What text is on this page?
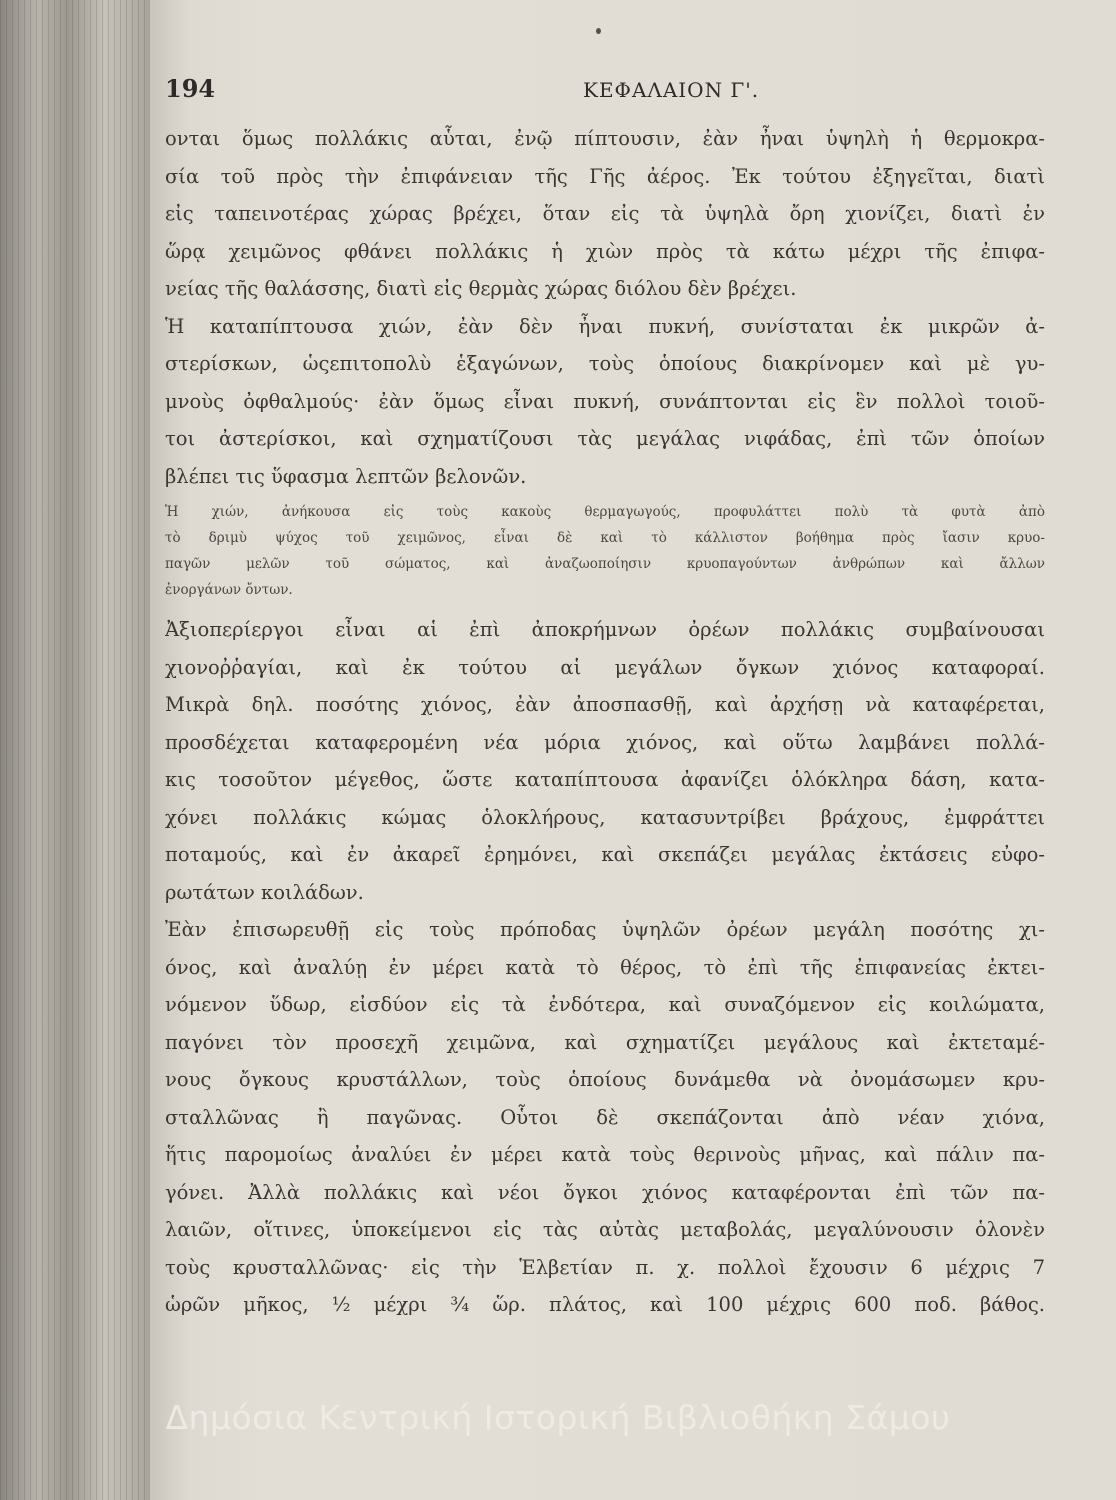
194	ΚΕΦΑΛΑΙΟΝ Γ'.
ονται ὅμως πολλάκις αὗται, ἐνῷ πίπτουσιν, ἐὰν ἦναι ὑψηλὴ ἡ θερμοκρα-
σία τοῦ πρὸς τὴν ἐπιφάνειαν τῆς Γῆς ἀέρος. Ἐκ τούτου ἐξηγεῖται, διατὶ
εἰς ταπεινοτέρας χώρας βρέχει, ὅταν εἰς τὰ ὑψηλὰ ὄρη χιονίζει, διατὶ ἐν
ὥρᾳ χειμῶνος φθάνει πολλάκις ἡ χιὼν πρὸς τὰ κάτω μέχρι τῆς ἐπιφα-
νείας τῆς θαλάσσης, διατὶ εἰς θερμὰς χώρας διόλου δὲν βρέχει.
Ἡ καταπίπτουσα χιών, ἐὰν δὲν ἦναι πυκνή, συνίσταται ἐκ μικρῶν ἀ-
στερίσκων, ὡςεπιτοπολὺ ἑξαγώνων, τοὺς ὁποίους διακρίνομεν καὶ μὲ γυ-
μνοὺς ὀφθαλμούς· ἐὰν ὅμως εἶναι πυκνή, συνάπτονται εἰς ἓν πολλοὶ τοιοῦ-
τοι ἀστερίσκοι, καὶ σχηματίζουσι τὰς μεγάλας νιφάδας, ἐπὶ τῶν ὁποίων
βλέπει τις ὕφασμα λεπτῶν βελονῶν.
Ἡ χιών, ἀνήκουσα εἰς τοὺς κακοὺς θερμαγωγούς, προφυλάττει πολὺ τὰ φυτὰ ἀπὸ
τὸ δριμὺ ψύχος τοῦ χειμῶνος, εἶναι δὲ καὶ τὸ κάλλιστον βοήθημα πρὸς ἴασιν κρυο-
παγῶν μελῶν τοῦ σώματος, καὶ ἀναζωοποίησιν κρυοπαγούντων ἀνθρώπων καὶ ἄλλων
ἐνοργάνων ὄντων.
Ἀξιοπερίεργοι εἶναι αἱ ἐπὶ ἀποκρήμνων ὀρέων πολλάκις συμβαίνουσαι
χιονοῤῥαγίαι, καὶ ἐκ τούτου αἱ μεγάλων ὄγκων χιόνος καταφοραί.
Μικρὰ δηλ. ποσότης χιόνος, ἐὰν ἀποσπασθῇ, καὶ ἀρχήσῃ νὰ καταφέρεται,
προσδέχεται καταφερομένη νέα μόρια χιόνος, καὶ οὕτω λαμβάνει πολλά-
κις τοσοῦτον μέγεθος, ὥστε καταπίπτουσα ἀφανίζει ὁλόκληρα δάση, κατα-
χόνει πολλάκις κώμας ὁλοκλήρους, κατασυντρίβει βράχους, ἐμφράττει
ποταμούς, καὶ ἐν ἀκαρεῖ ἐρημόνει, καὶ σκεπάζει μεγάλας ἐκτάσεις εὐφο-
ρωτάτων κοιλάδων.
Ἐὰν ἐπισωρευθῇ εἰς τοὺς πρόποδας ὑψηλῶν ὀρέων μεγάλη ποσότης χι-
όνος, καὶ ἀναλύῃ ἐν μέρει κατὰ τὸ θέρος, τὸ ἐπὶ τῆς ἐπιφανείας ἐκτει-
νόμενον ὕδωρ, εἰσδύον εἰς τὰ ἐνδότερα, καὶ συναζόμενον εἰς κοιλώματα,
παγόνει τὸν προσεχῆ χειμῶνα, καὶ σχηματίζει μεγάλους καὶ ἐκτεταμέ-
νους ὄγκους κρυστάλλων, τοὺς ὁποίους δυνάμεθα νὰ ὀνομάσωμεν κρυ-
σταλλῶνας ἢ παγῶνας. Οὗτοι δὲ σκεπάζονται ἀπὸ νέαν χιόνα,
ἥτις παρομοίως ἀναλύει ἐν μέρει κατὰ τοὺς θερινοὺς μῆνας, καὶ πάλιν πα-
γόνει. Ἀλλὰ πολλάκις καὶ νέοι ὄγκοι χιόνος καταφέρονται ἐπὶ τῶν πα-
λαιῶν, οἵτινες, ὑποκείμενοι εἰς τὰς αὐτὰς μεταβολάς, μεγαλύνουσιν ὁλονὲν
τοὺς κρυσταλλῶνας· εἰς τὴν Ἑλβετίαν π. χ. πολλοὶ ἔχουσιν 6 μέχρις 7
ὡρῶν μῆκος, ½ μέχρι ¾ ὥρ. πλάτος, καὶ 100 μέχρις 600 ποδ. βάθος.
Δημόσια Κεντρική Ιστορική Βιβλιοθήκη Σάμου
